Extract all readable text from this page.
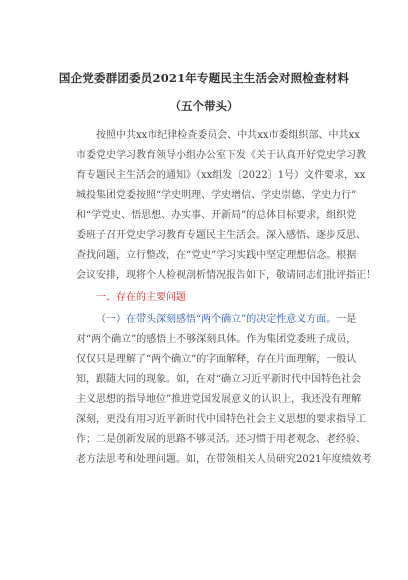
国企党委群团委员2021年专题民主生活会对照检查材料
（五个带头）
按照中共xx市纪律检查委员会、中共xx市委组织部、中共xx
市委党史学习教育领导小组办公室下发《关于认真开好党史学习教
育专题民主生活会的通知》（xx组发〔2022〕1号）文件要求，xx
城投集团党委按照“学史明理、学史增信、学史崇德、学史力行”
和“学党史、悟思想、办实事、开新局”的总体目标要求，组织党
委班子召开党史学习教育专题民主生活会。深入感悟、逐步反思、
查找问题，立行整改，在“党史”学习实践中坚定理想信念。根据
会议安排，现将个人检视剖析情况报告如下，敬请同志们批评指正！
一、存在的主要问题
（一）在带头深刻感悟“两个确立”的决定性意义方面。一是
对“两个确立”的感悟上不够深刻具体。作为集团党委班子成员，
仅仅只是理解了“两个确立”的字面解释，存在片面理解，一般认
知，跟随大同的现象。如，在对“确立习近平新时代中国特色社会
主义思想的指导地位”推进党国发展意义的认识上，我还没有理解
深刻，更没有用习近平新时代中国特色社会主义思想的要求指导工
作；二是创新发展的思路不够灵活。还习惯于用老观念、老经验、
老方法思考和处理问题。如，在带领相关人员研究2021年度绩效考
